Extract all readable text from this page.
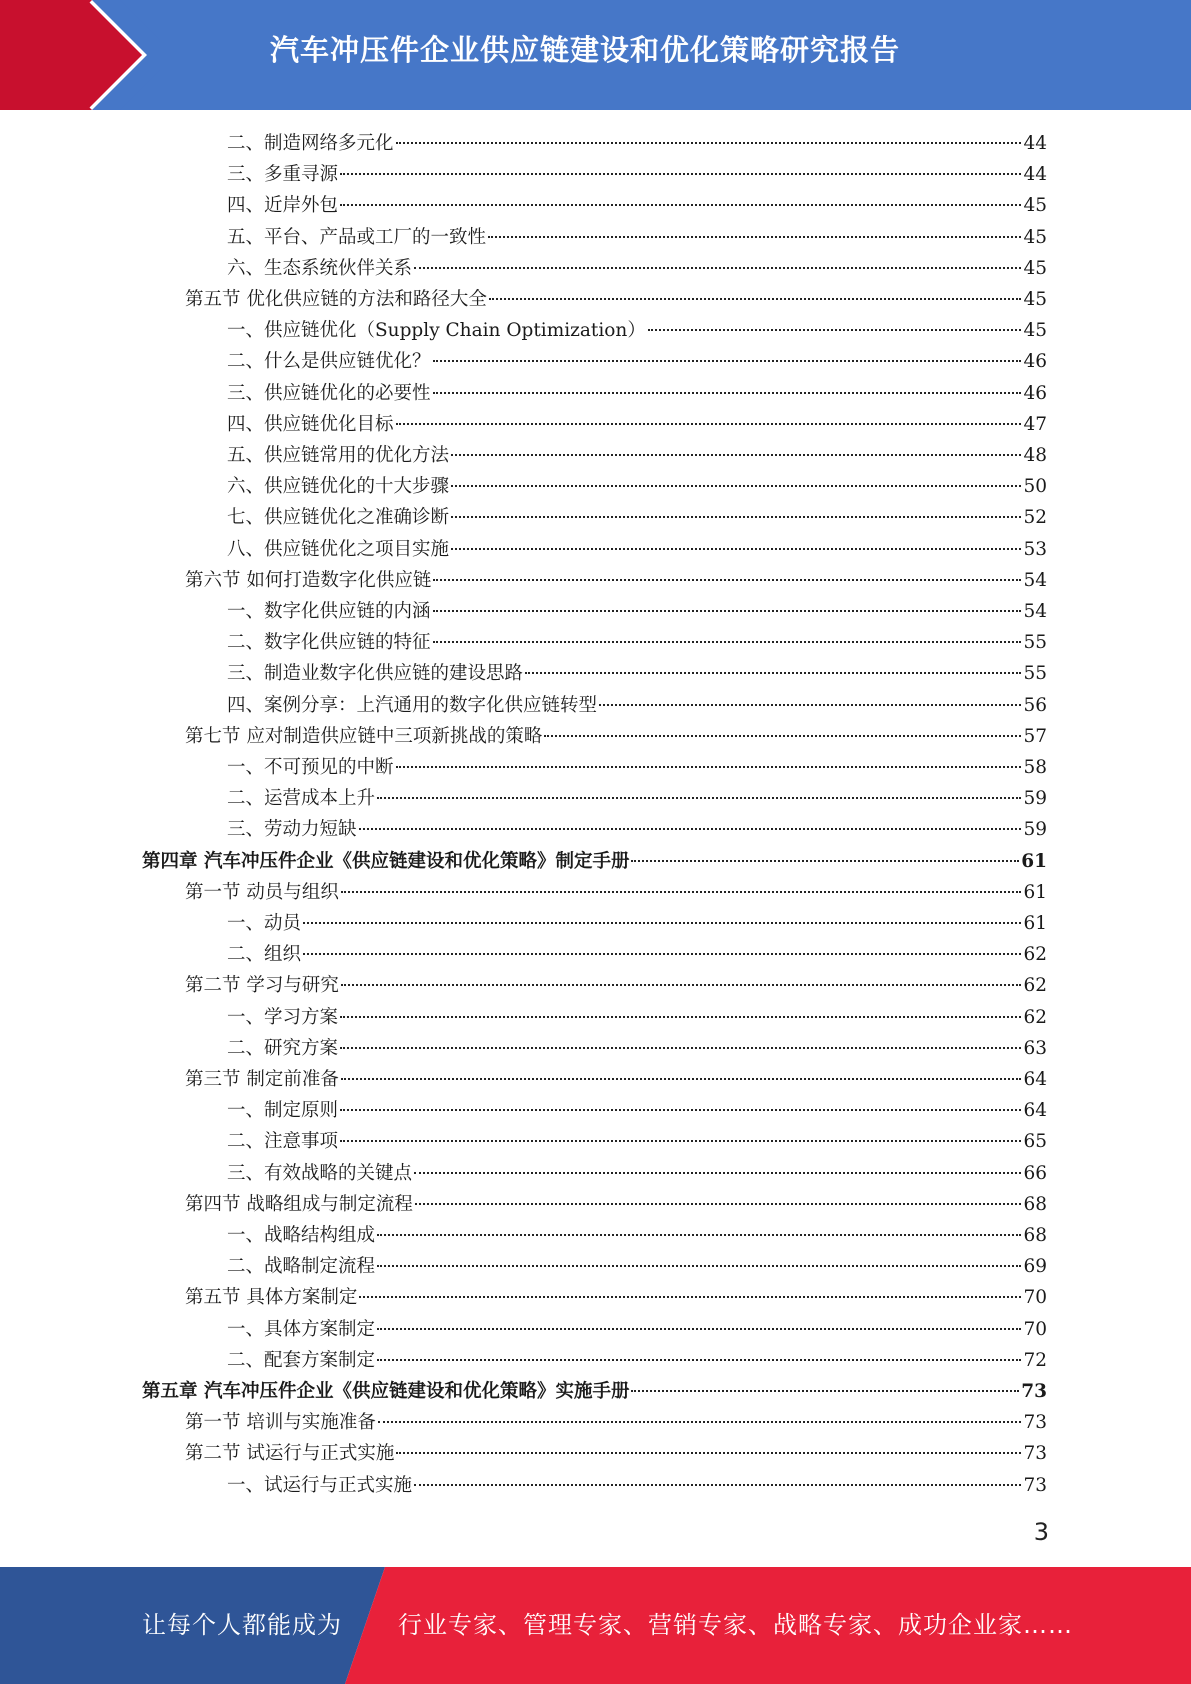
汽车冲压件企业供应链建设和优化策略研究报告
二、制造网络多元化	44
三、多重寻源	44
四、近岸外包	45
五、平台、产品或工厂的一致性	45
六、生态系统伙伴关系	45
第五节 优化供应链的方法和路径大全	45
一、供应链优化（Supply Chain Optimization）	45
二、什么是供应链优化？	46
三、供应链优化的必要性	46
四、供应链优化目标	47
五、供应链常用的优化方法	48
六、供应链优化的十大步骤	50
七、供应链优化之准确诊断	52
八、供应链优化之项目实施	53
第六节 如何打造数字化供应链	54
一、数字化供应链的内涵	54
二、数字化供应链的特征	55
三、制造业数字化供应链的建设思路	55
四、案例分享：上汽通用的数字化供应链转型	56
第七节 应对制造供应链中三项新挑战的策略	57
一、不可预见的中断	58
二、运营成本上升	59
三、劳动力短缺	59
第四章 汽车冲压件企业《供应链建设和优化策略》制定手册	61
第一节 动员与组织	61
一、动员	61
二、组织	62
第二节 学习与研究	62
一、学习方案	62
二、研究方案	63
第三节 制定前准备	64
一、制定原则	64
二、注意事项	65
三、有效战略的关键点	66
第四节 战略组成与制定流程	68
一、战略结构组成	68
二、战略制定流程	69
第五节 具体方案制定	70
一、具体方案制定	70
二、配套方案制定	72
第五章 汽车冲压件企业《供应链建设和优化策略》实施手册	73
第一节 培训与实施准备	73
第二节 试运行与正式实施	73
一、试运行与正式实施	73
3
让每个人都能成为 行业专家、管理专家、营销专家、战略专家、成功企业家……
